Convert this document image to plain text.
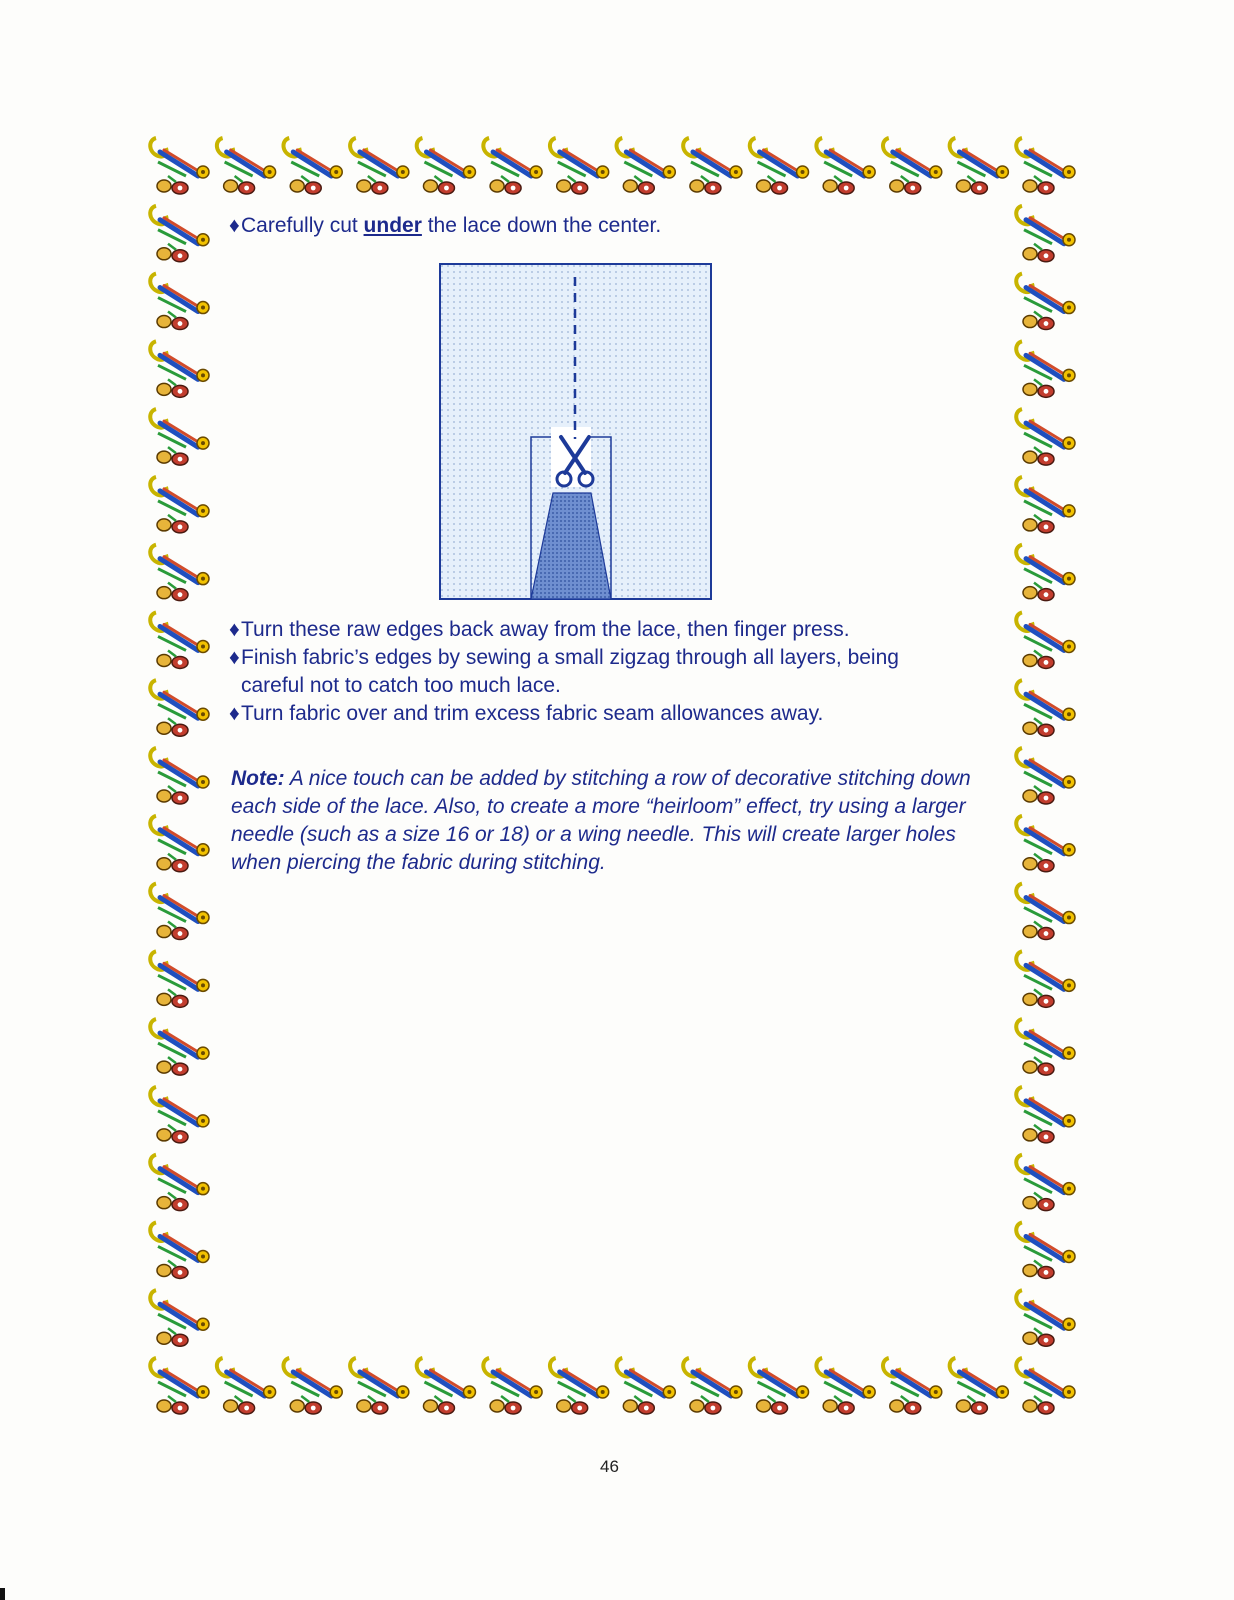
♦Carefully cut under the lace down the center.
♦Turn these raw edges back away from the lace, then finger press.
♦Finish fabric’s edges by sewing a small zigzag through all layers, being
careful not to catch too much lace.
♦Turn fabric over and trim excess fabric seam allowances away.
Note: A nice touch can be added by stitching a row of decorative stitching down each side of the lace. Also, to create a more “heirloom” effect, try using a larger needle (such as a size 16 or 18) or a wing needle. This will create larger holes when piercing the fabric during stitching.
46
